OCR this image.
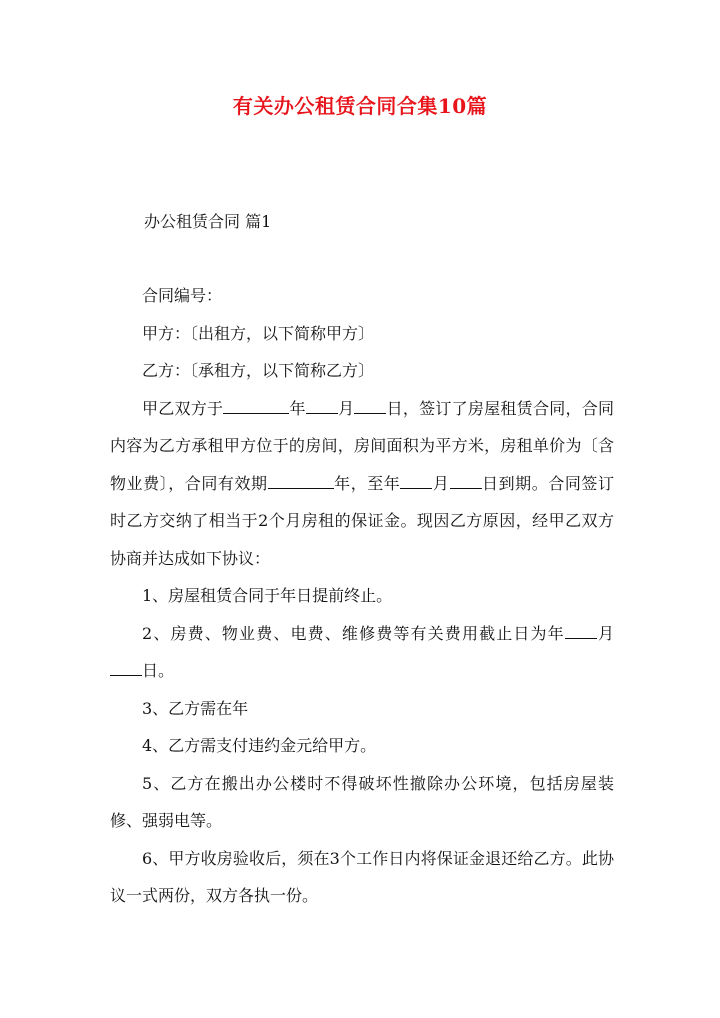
有关办公租赁合同合集10篇
办公租赁合同 篇1

合同编号：

甲方：〔出租方，以下简称甲方〕

乙方：〔承租方，以下简称乙方〕

甲乙双方于	年 月 日，签订了房屋租赁合同，合同内容为乙方承租甲方位于的房间，房间面积为平方米，房租单价为〔含物业费〕，合同有效期	年，至年 月 日到期。合同签订时乙方交纳了相当于2个月房租的保证金。现因乙方原因，经甲乙双方协商并达成如下协议：

1、房屋租赁合同于年日提前终止。

2、房费、物业费、电费、维修费等有关费用截止日为年 月日。

3、乙方需在年

4、乙方需支付违约金元给甲方。

5、乙方在搬出办公楼时不得破坏性撤除办公环境，包括房屋装修、强弱电等。

6、甲方收房验收后，须在3个工作日内将保证金退还给乙方。此协议一式两份，双方各执一份。
